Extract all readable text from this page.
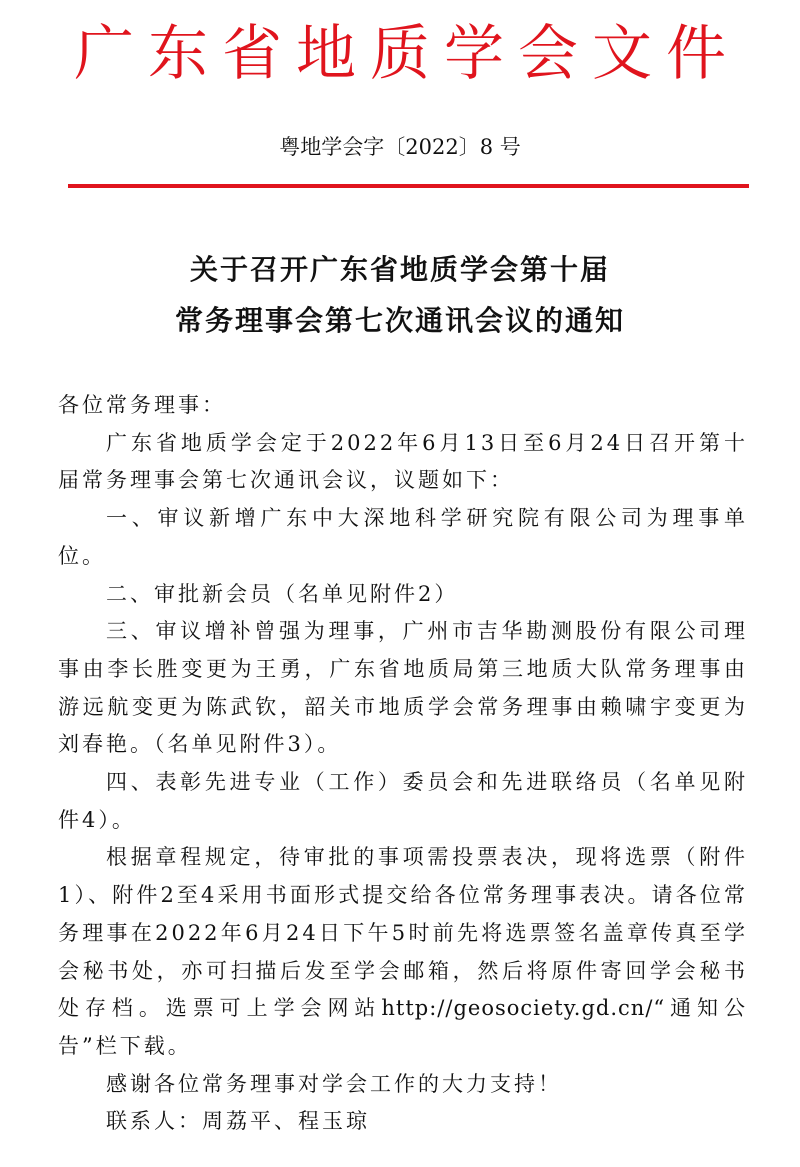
广东省地质学会文件
粤地学会字〔2022〕8 号
关于召开广东省地质学会第十届
常务理事会第七次通讯会议的通知

各位常务理事：

广东省地质学会定于2022年6月13日至6月24日召开第十届常务理事会第七次通讯会议，议题如下：

一、审议新增广东中大深地科学研究院有限公司为理事单位。

二、审批新会员（名单见附件2）

三、审议增补曾强为理事，广州市吉华勘测股份有限公司理事由李长胜变更为王勇，广东省地质局第三地质大队常务理事由游远航变更为陈武钦，韶关市地质学会常务理事由赖啸宇变更为刘春艳。（名单见附件3）。

四、表彰先进专业（工作）委员会和先进联络员（名单见附件4）。

根据章程规定，待审批的事项需投票表决，现将选票（附件1）、附件2至4采用书面形式提交给各位常务理事表决。请各位常务理事在2022年6月24日下午5时前先将选票签名盖章传真至学会秘书处，亦可扫描后发至学会邮箱，然后将原件寄回学会秘书处存档。选票可上学会网站http://geosociety.gd.cn/“通知公告”栏下载。

感谢各位常务理事对学会工作的大力支持！

联系人：周荔平、程玉琼
